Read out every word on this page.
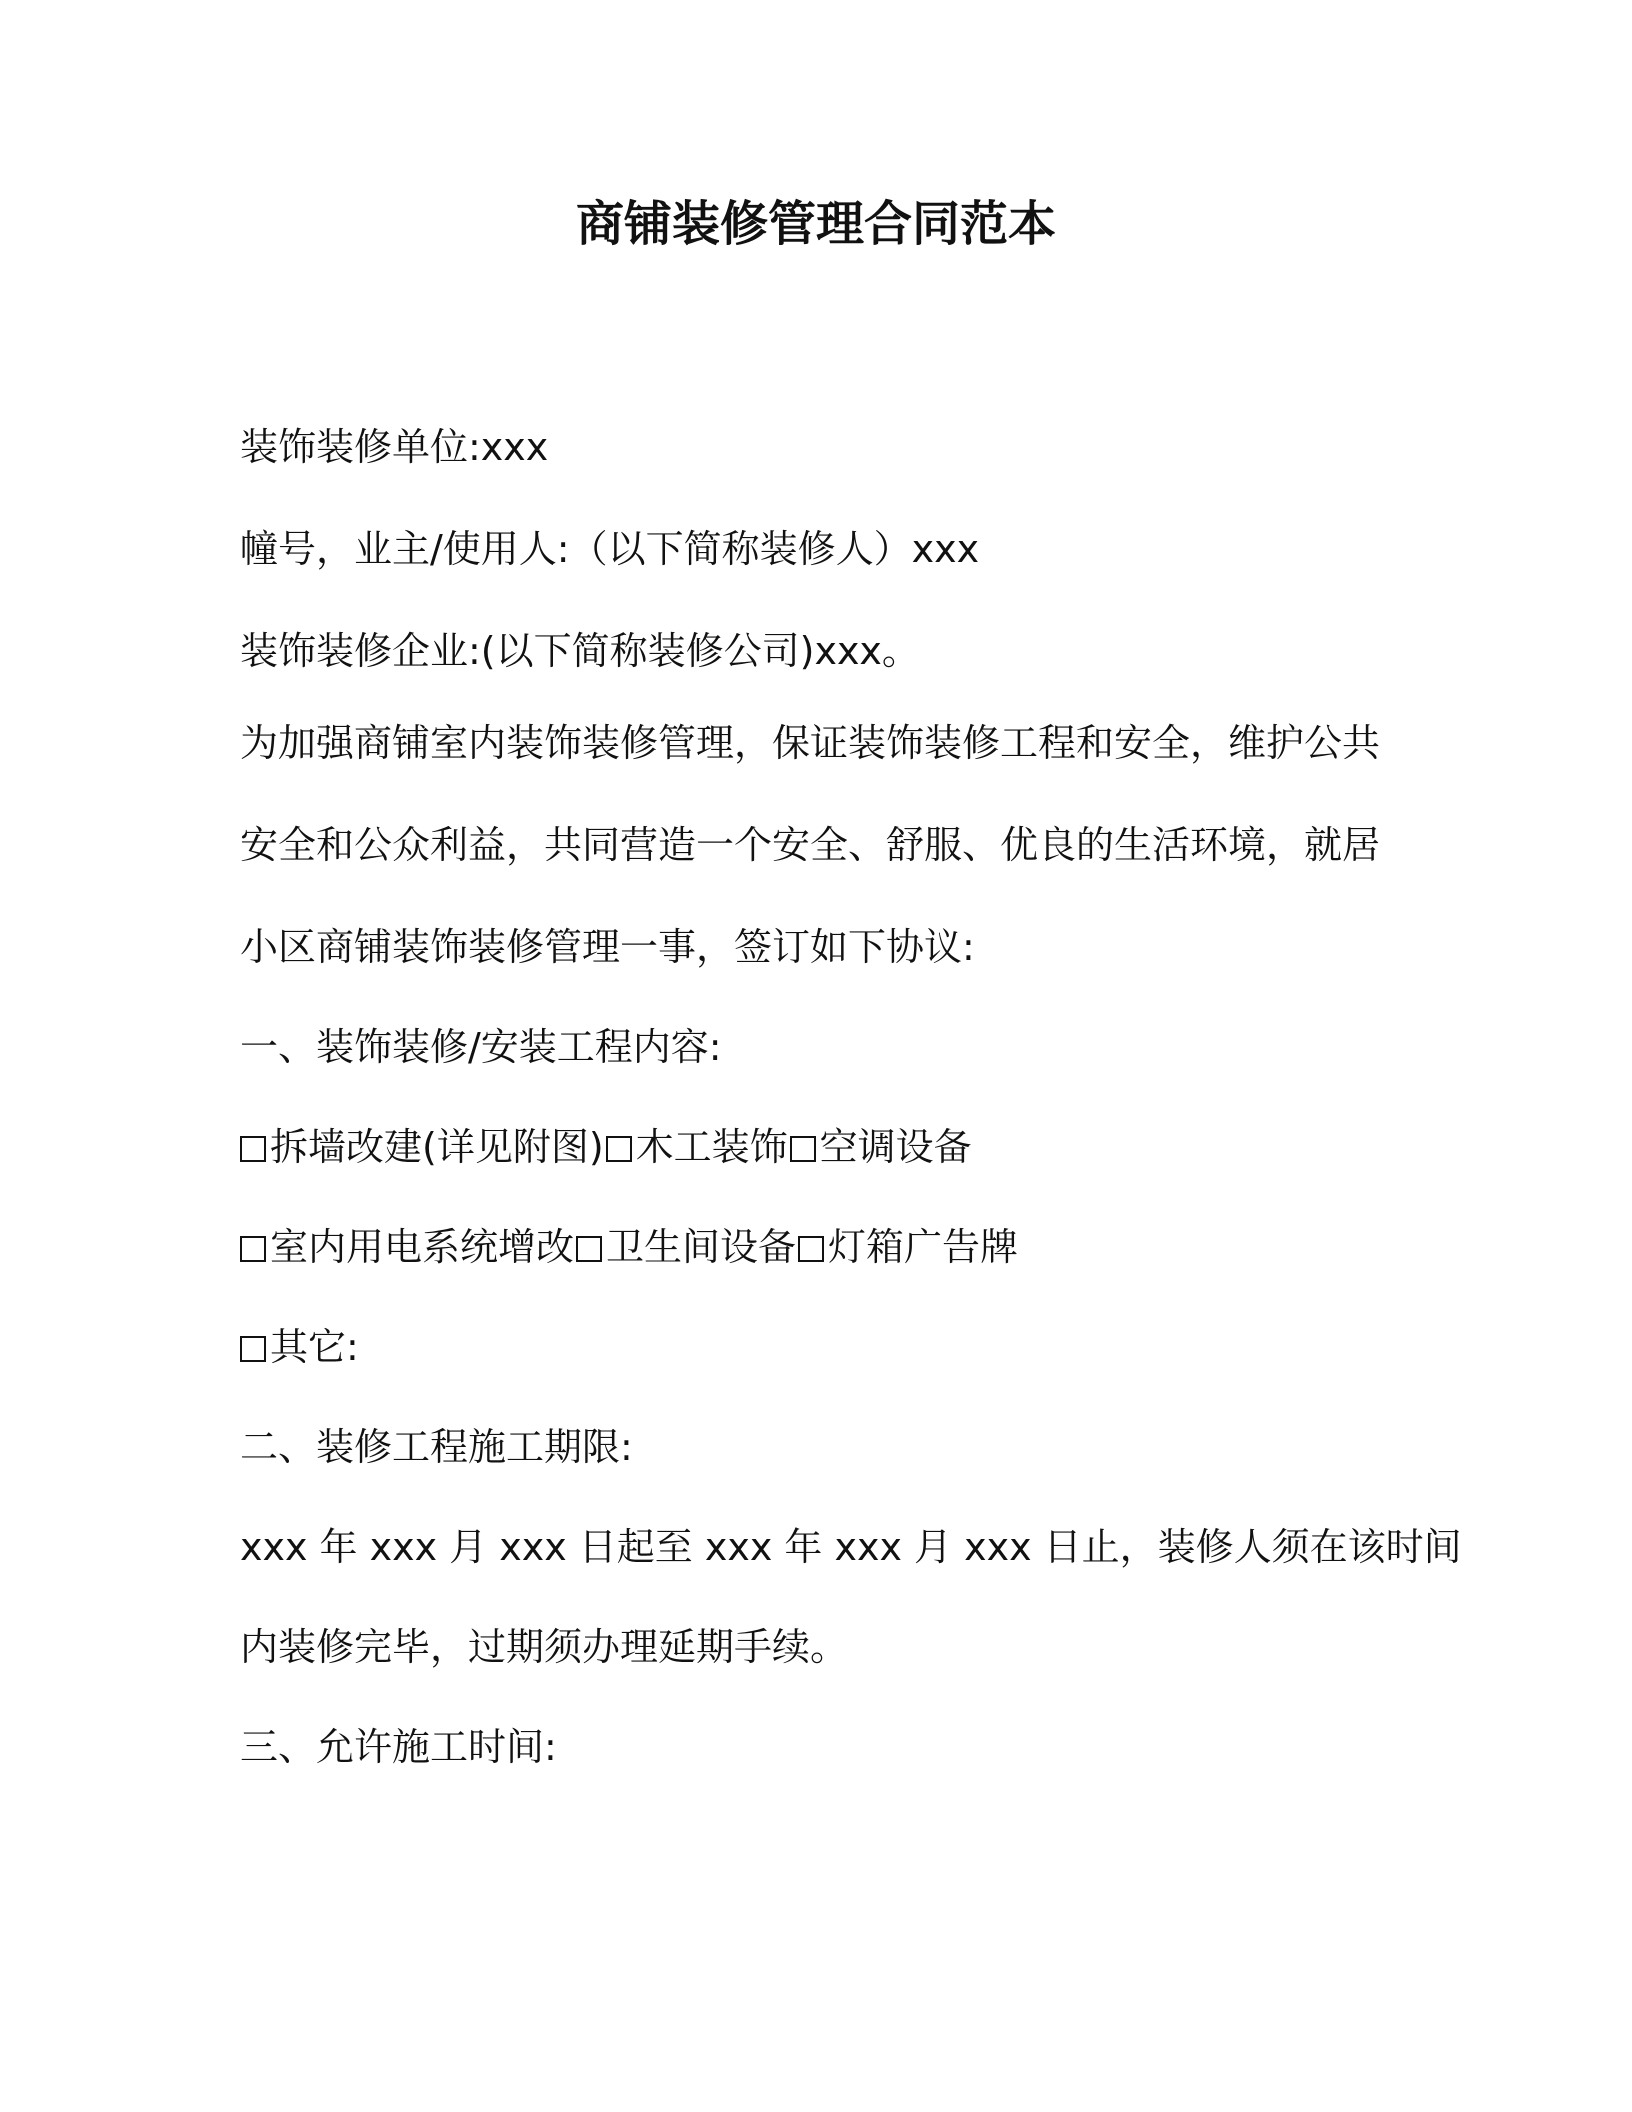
商铺装修管理合同范本
装饰装修单位:xxx
幢号，业主/使用人:（以下简称装修人）xxx
装饰装修企业:(以下简称装修公司)xxx。
为加强商铺室内装饰装修管理，保证装饰装修工程和安全，维护公共
安全和公众利益，共同营造一个安全、舒服、优良的生活环境，就居
小区商铺装饰装修管理一事，签订如下协议:
一、装饰装修/安装工程内容:
拆墙改建(详见附图) 木工装饰 空调设备
室内用电系统增改 卫生间设备 灯箱广告牌
其它:
二、装修工程施工期限:
xxx 年 xxx 月 xxx 日起至 xxx 年 xxx 月 xxx 日止，装修人须在该时间
内装修完毕，过期须办理延期手续。
三、允许施工时间:
